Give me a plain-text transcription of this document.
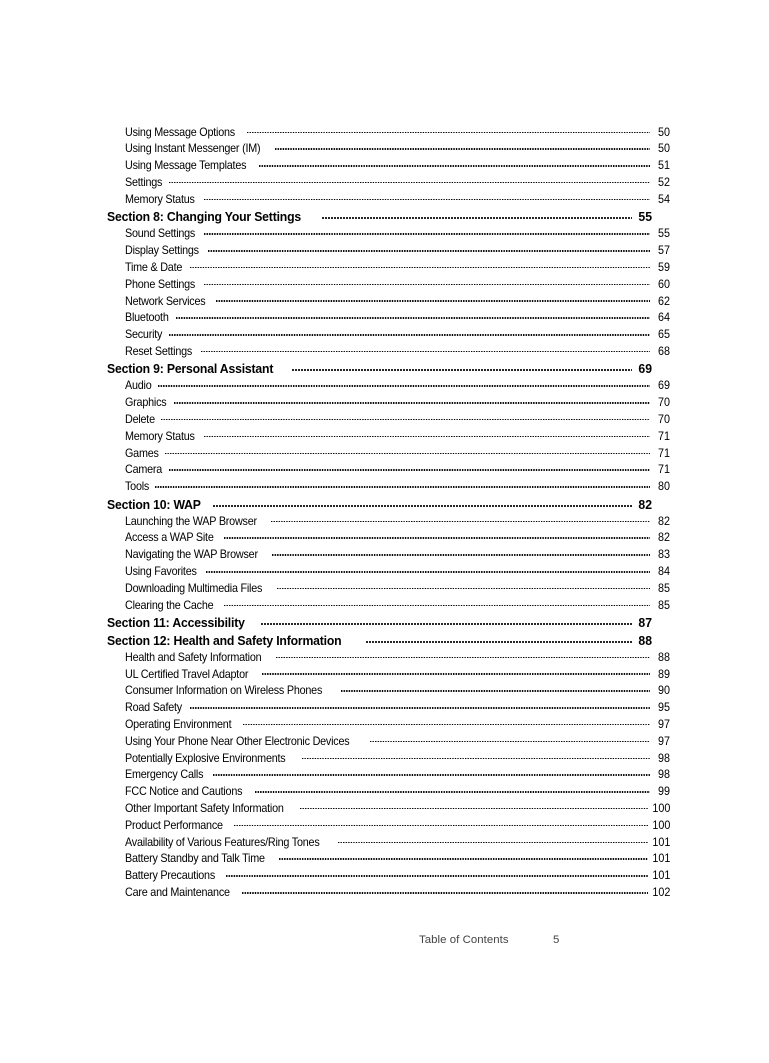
Using Message Options	50
Using Instant Messenger (IM)	50
Using Message Templates	51
Settings	52
Memory Status	54
Section 8: Changing Your Settings	55
Sound Settings	55
Display Settings	57
Time & Date	59
Phone Settings	60
Network Services	62
Bluetooth	64
Security	65
Reset Settings	68
Section 9: Personal Assistant	69
Audio	69
Graphics	70
Delete	70
Memory Status	71
Games	71
Camera	71
Tools	80
Section 10: WAP	82
Launching the WAP Browser	82
Access a WAP Site	82
Navigating the WAP Browser	83
Using Favorites	84
Downloading Multimedia Files	85
Clearing the Cache	85
Section 11: Accessibility	87
Section 12: Health and Safety Information	88
Health and Safety Information	88
UL Certified Travel Adaptor	89
Consumer Information on Wireless Phones	90
Road Safety	95
Operating Environment	97
Using Your Phone Near Other Electronic Devices	97
Potentially Explosive Environments	98
Emergency Calls	98
FCC Notice and Cautions	99
Other Important Safety Information	100
Product Performance	100
Availability of Various Features/Ring Tones	101
Battery Standby and Talk Time	101
Battery Precautions	101
Care and Maintenance	102
Table of Contents	5
